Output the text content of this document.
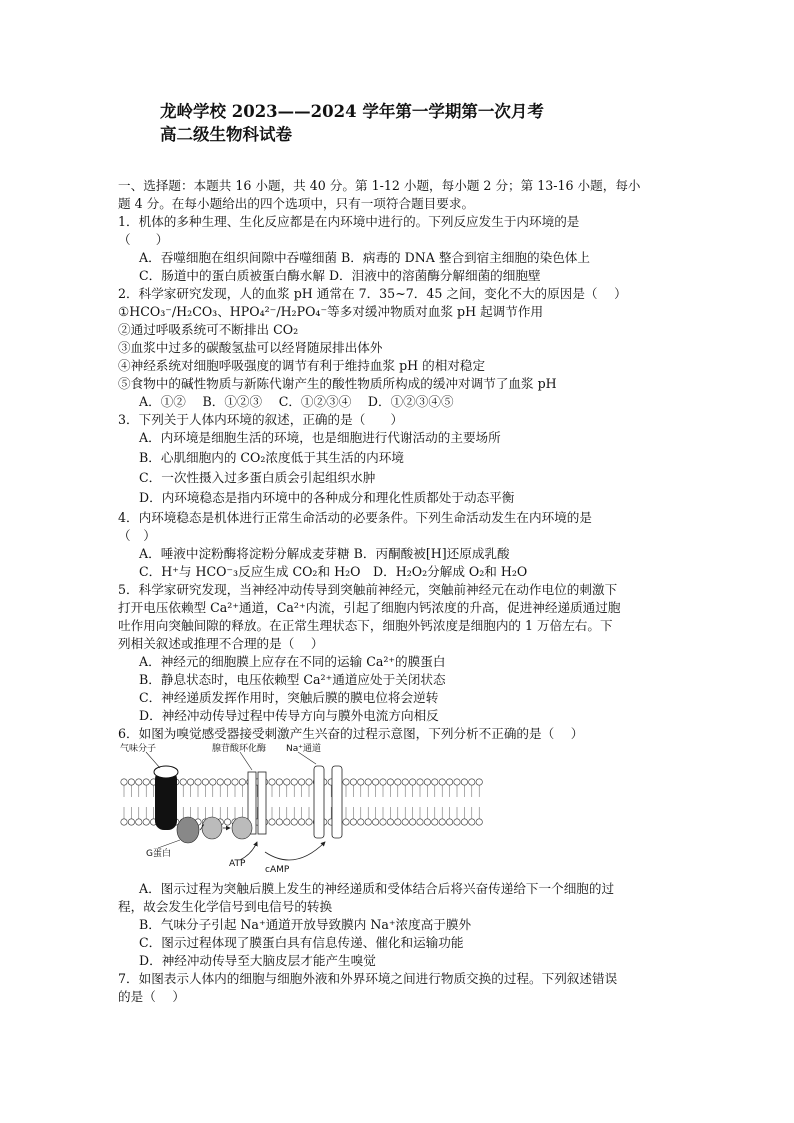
龙岭学校 2023——2024 学年第一学期第一次月考
高二级生物科试卷
一、选择题：本题共 16 小题，共 40 分。第 1-12 小题，每小题 2 分；第 13-16 小题，每小
题 4 分。在每小题给出的四个选项中，只有一项符合题目要求。
1．机体的多种生理、生化反应都是在内环境中进行的。下列反应发生于内环境的是
（　　）
A．吞噬细胞在组织间隙中吞噬细菌 B．病毒的 DNA 整合到宿主细胞的染色体上
C．肠道中的蛋白质被蛋白酶水解 D．泪液中的溶菌酶分解细菌的细胞壁
2．科学家研究发现，人的血浆 pH 通常在 7．35~7．45 之间，变化不大的原因是（　 ）
①HCO₃⁻/H₂CO₃、HPO₄²⁻/H₂PO₄⁻等多对缓冲物质对血浆 pH 起调节作用
②通过呼吸系统可不断排出 CO₂
③血浆中过多的碳酸氢盐可以经肾随尿排出体外
④神经系统对细胞呼吸强度的调节有利于维持血浆 pH 的相对稳定
⑤食物中的碱性物质与新陈代谢产生的酸性物质所构成的缓冲对调节了血浆 pH
A．①②　 B．①②③　 C．①②③④　 D．①②③④⑤
3．下列关于人体内环境的叙述，正确的是（　　）
A．内环境是细胞生活的环境，也是细胞进行代谢活动的主要场所
B．心肌细胞内的 CO₂浓度低于其生活的内环境
C．一次性摄入过多蛋白质会引起组织水肿
D．内环境稳态是指内环境中的各种成分和理化性质都处于动态平衡
4．内环境稳态是机体进行正常生命活动的必要条件。下列生命活动发生在内环境的是
（　）
A．唾液中淀粉酶将淀粉分解成麦芽糖 B．丙酮酸被[H]还原成乳酸
C．H⁺与 HCO⁻₃反应生成 CO₂和 H₂O　D．H₂O₂分解成 O₂和 H₂O
5．科学家研究发现，当神经冲动传导到突触前神经元，突触前神经元在动作电位的刺激下
打开电压依赖型 Ca²⁺通道，Ca²⁺内流，引起了细胞内钙浓度的升高，促进神经递质通过胞
吐作用向突触间隙的释放。在正常生理状态下，细胞外钙浓度是细胞内的 1 万倍左右。下
列相关叙述或推理不合理的是（　 ）
A．神经元的细胞膜上应存在不同的运输 Ca²⁺的膜蛋白
B．静息状态时，电压依赖型 Ca²⁺通道应处于关闭状态
C．神经递质发挥作用时，突触后膜的膜电位将会逆转
D．神经冲动传导过程中传导方向与膜外电流方向相反
6．如图为嗅觉感受器接受刺激产生兴奋的过程示意图，下列分析不正确的是（　 ）
气味分子	腺苷酸环化酶 Na⁺通道
G蛋白
ATP
cAMP
A．图示过程为突触后膜上发生的神经递质和受体结合后将兴奋传递给下一个细胞的过
程，故会发生化学信号到电信号的转换
B．气味分子引起 Na⁺通道开放导致膜内 Na⁺浓度高于膜外
C．图示过程体现了膜蛋白具有信息传递、催化和运输功能
D．神经冲动传导至大脑皮层才能产生嗅觉
7．如图表示人体内的细胞与细胞外液和外界环境之间进行物质交换的过程。下列叙述错误
的是（　 ）
